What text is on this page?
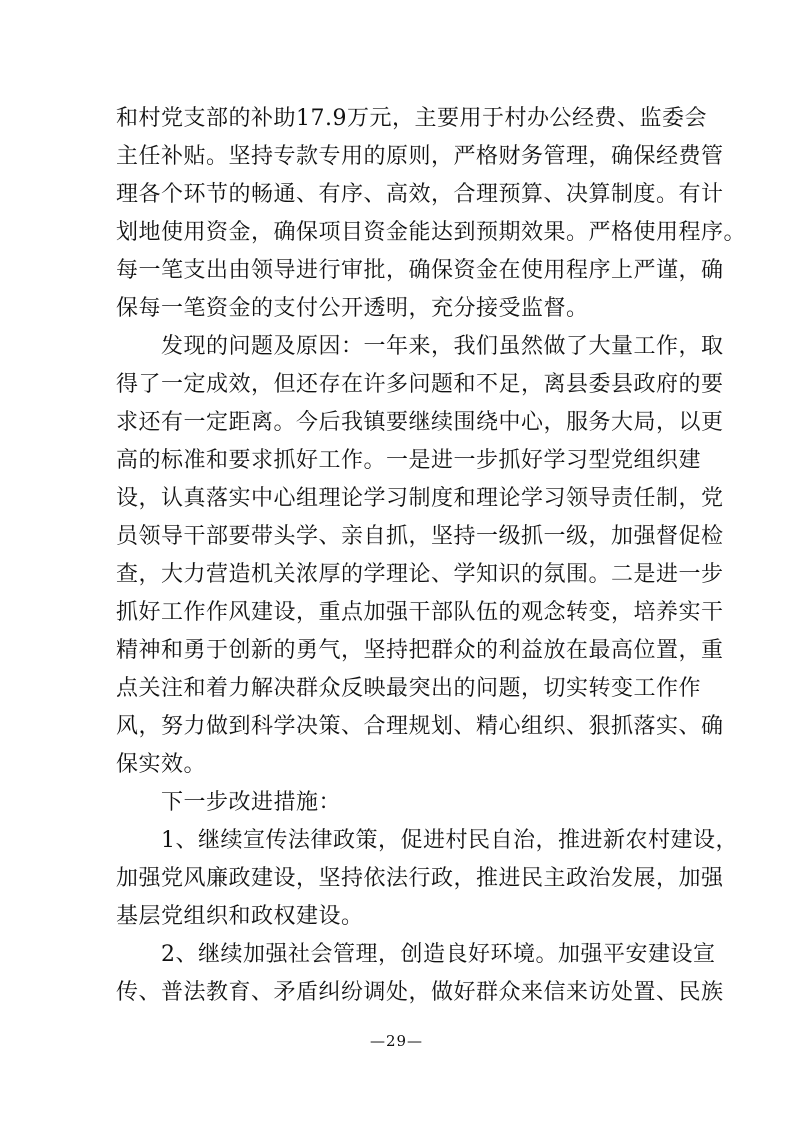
和村党支部的补助17.9万元，主要用于村办公经费、监委会
主任补贴。坚持专款专用的原则，严格财务管理，确保经费管
理各个环节的畅通、有序、高效，合理预算、决算制度。有计
划地使用资金，确保项目资金能达到预期效果。严格使用程序。
每一笔支出由领导进行审批，确保资金在使用程序上严谨，确
保每一笔资金的支付公开透明，充分接受监督。
　　发现的问题及原因：一年来，我们虽然做了大量工作，取
得了一定成效，但还存在许多问题和不足，离县委县政府的要
求还有一定距离。今后我镇要继续围绕中心，服务大局，以更
高的标准和要求抓好工作。一是进一步抓好学习型党组织建
设，认真落实中心组理论学习制度和理论学习领导责任制，党
员领导干部要带头学、亲自抓，坚持一级抓一级，加强督促检
查，大力营造机关浓厚的学理论、学知识的氛围。二是进一步
抓好工作作风建设，重点加强干部队伍的观念转变，培养实干
精神和勇于创新的勇气，坚持把群众的利益放在最高位置，重
点关注和着力解决群众反映最突出的问题，切实转变工作作
风，努力做到科学决策、合理规划、精心组织、狠抓落实、确
保实效。
　　下一步改进措施：
　　1、继续宣传法律政策，促进村民自治，推进新农村建设，
加强党风廉政建设，坚持依法行政，推进民主政治发展，加强
基层党组织和政权建设。
　　2、继续加强社会管理，创造良好环境。加强平安建设宣
传、普法教育、矛盾纠纷调处，做好群众来信来访处置、民族
—29—
